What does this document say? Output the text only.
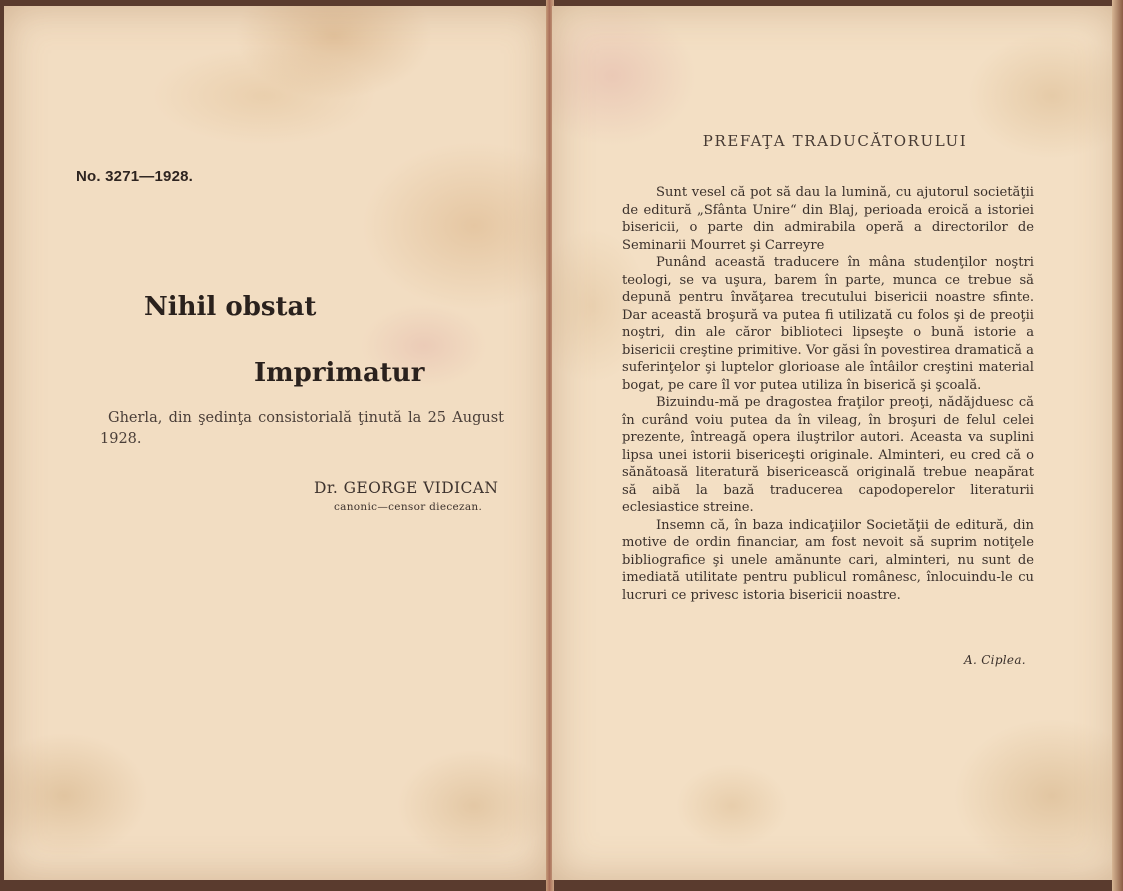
No. 3271—1928.
Nihil obstat
Imprimatur
Gherla, din şedinţa consistorială ţinută la 25 August 1928.
Dr. GEORGE VIDICAN
canonic—censor diecezan.
PREFAŢA TRADUCĂTORULUI

Sunt vesel că pot să dau la lumină, cu ajutorul societăţii de editură „Sfânta Unire“ din Blaj, perioada eroică a istoriei bisericii, o parte din admirabila operă a directorilor de Seminarii Mourret şi Carreyre

Punând această traducere în mâna studenţilor noştri teologi, se va uşura, barem în parte, munca ce trebue să depună pentru învăţarea trecutului bisericii noastre sfinte. Dar această broşură va putea fi utilizată cu folos şi de preoţii noştri, din ale căror biblioteci lipseşte o bună istorie a bisericii creştine primitive. Vor găsi în povestirea dramatică a suferinţelor şi luptelor glorioase ale întâilor creştini material bogat, pe care îl vor putea utiliza în biserică şi şcoală.

Bizuindu-mă pe dragostea fraţilor preoţi, nădăjduesc că în curând voiu putea da în vileag, în broşuri de felul celei prezente, întreagă opera iluştrilor autori. Aceasta va suplini lipsa unei istorii bisericeşti originale. Alminteri, eu cred că o sănătoasă literatură bisericească originală trebue neapărat să aibă la bază traducerea capodoperelor literaturii eclesiastice streine.

Insemn că, în baza indicaţiilor Societăţii de editură, din motive de ordin financiar, am fost nevoit să suprim notiţele bibliografice şi unele amănunte cari, alminteri, nu sunt de imediată utilitate pentru publicul românesc, înlocuindu-le cu lucruri ce privesc istoria bisericii noastre.

A. Ciplea.
